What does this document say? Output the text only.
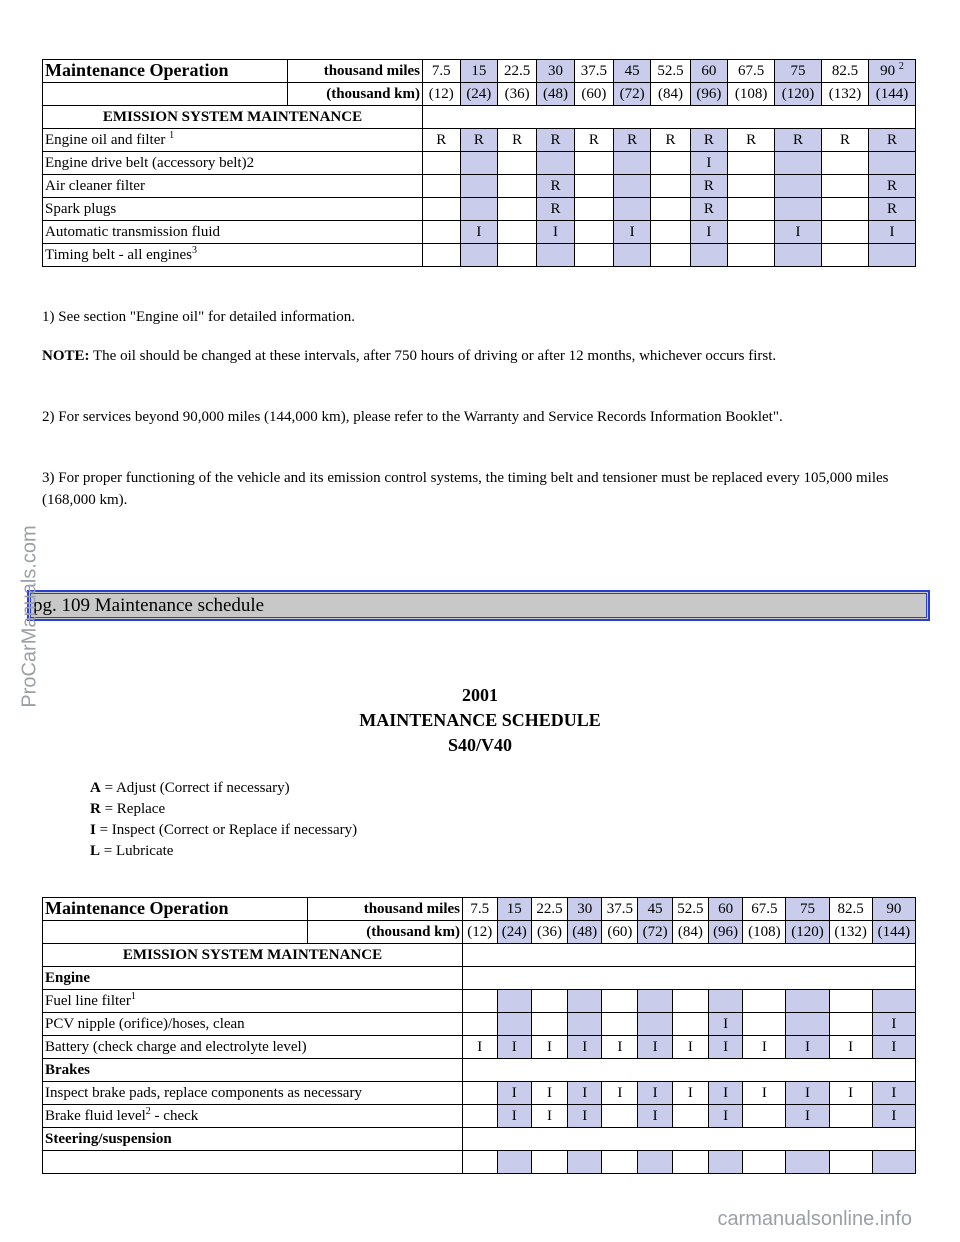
Maintenance Operation	thousand miles	7.5	15	22.5	30	37.5	45	52.5	60	67.5	75	82.5	90 $^2$
	(thousand km)	(12)	(24)	(36)	(48)	(60)	(72)	(84)	(96)	(108)	(120)	(132)	(144)
EMISSION SYSTEM MAINTENANCE													
Engine oil and filter $^1$		R	R	R	R	R	R	R	R	R	R	R	R
Engine drive belt (accessory belt)2									I				
Air cleaner filter					R				R				R
Spark plugs					R				R				R
Automatic transmission fluid			I		I		I		I		I		I
Timing belt - all engines$^3$												

1) See section "Engine oil" for detailed information.

NOTE: The oil should be changed at these intervals, after 750 hours of driving or after 12 months, whichever occurs first.

2) For services beyond 90,000 miles (144,000 km), please refer to the Warranty and Service Records Information Booklet".

3) For proper functioning of the vehicle and its emission control systems, the timing belt and tensioner must be replaced every 105,000 miles (168,000 km).

pg. 109 Maintenance schedule
2001
MAINTENANCE SCHEDULE
S40/V40
A = Adjust (Correct if necessary)
R = Replace
I = Inspect (Correct or Replace if necessary)
L = Lubricate
Maintenance Operation	thousand miles	7.5	15	22.5	30	37.5	45	52.5	60	67.5	75	82.5	90
	(thousand km)	(12)	(24)	(36)	(48)	(60)	(72)	(84)	(96)	(108)	(120)	(132)	(144)
EMISSION SYSTEM MAINTENANCE													
Engine													
Fuel line filter$^1$												
PCV nipple (orifice)/hoses, clean									I				I
Battery (check charge and electrolyte level)		I	I	I	I	I	I	I	I	I	I	I	I
Brakes													
Inspect brake pads, replace components as necessary			I	I	I	I	I	I	I	I	I	I	I
Brake fluid level$^2$ - check			I	I	I		I		I		I		I
Steering/suspension													

ProCarManuals.com
carmanualsonline.info
